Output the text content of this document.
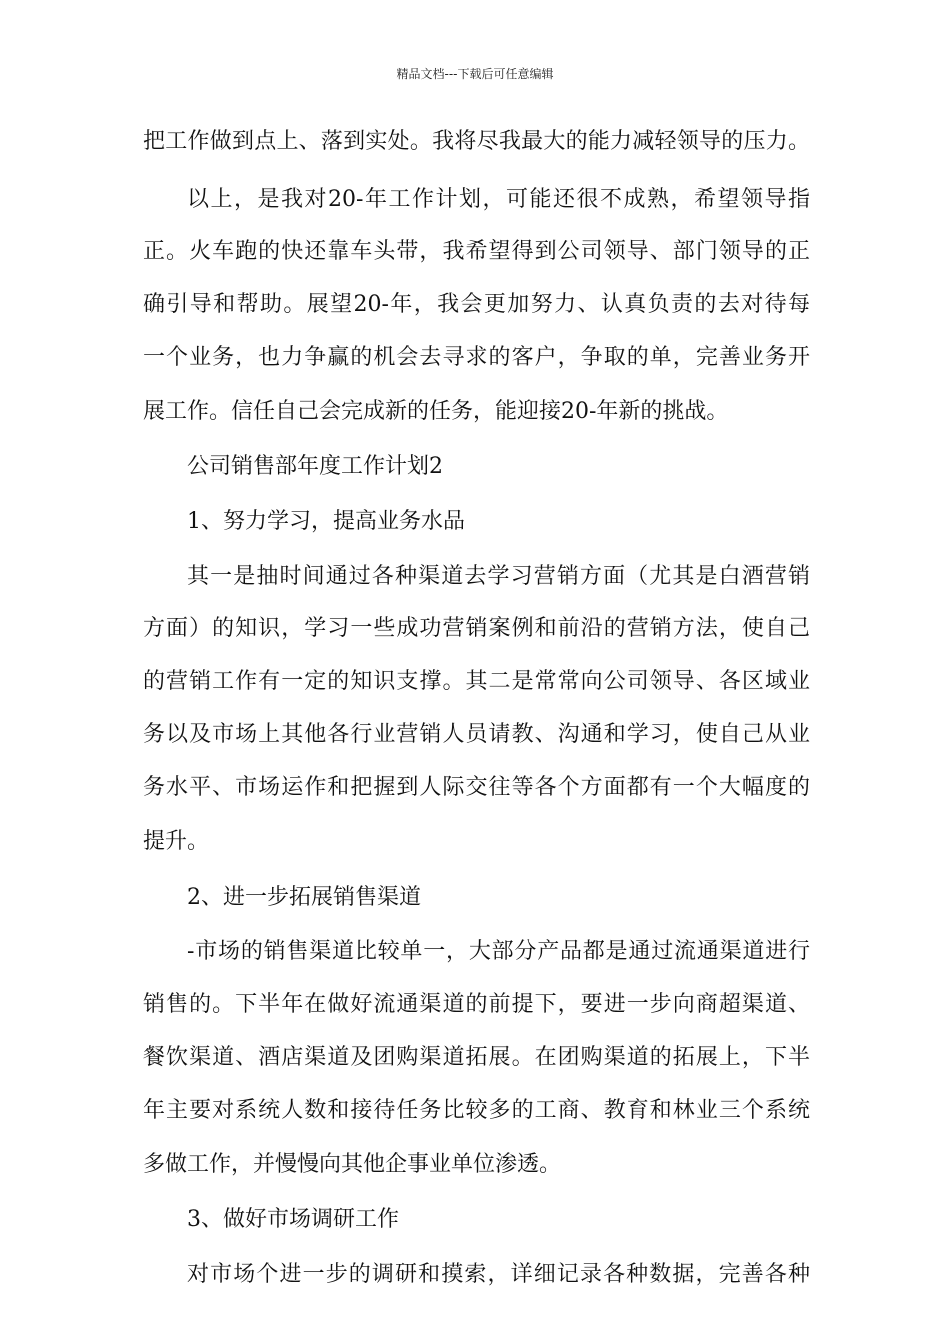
精品文档---下载后可任意编辑
把工作做到点上、落到实处。我将尽我最大的能力减轻领导的压力。
以上，是我对20-年工作计划，可能还很不成熟，希望领导指
正。火车跑的快还靠车头带，我希望得到公司领导、部门领导的正
确引导和帮助。展望20-年，我会更加努力、认真负责的去对待每
一个业务，也力争赢的机会去寻求的客户，争取的单，完善业务开
展工作。信任自己会完成新的任务，能迎接20-年新的挑战。
公司销售部年度工作计划2
1、努力学习，提高业务水品
其一是抽时间通过各种渠道去学习营销方面（尤其是白酒营销
方面）的知识，学习一些成功营销案例和前沿的营销方法，使自己
的营销工作有一定的知识支撑。其二是常常向公司领导、各区域业
务以及市场上其他各行业营销人员请教、沟通和学习，使自己从业
务水平、市场运作和把握到人际交往等各个方面都有一个大幅度的
提升。
2、进一步拓展销售渠道
-市场的销售渠道比较单一，大部分产品都是通过流通渠道进行
销售的。下半年在做好流通渠道的前提下，要进一步向商超渠道、
餐饮渠道、酒店渠道及团购渠道拓展。在团购渠道的拓展上，下半
年主要对系统人数和接待任务比较多的工商、教育和林业三个系统
多做工作，并慢慢向其他企事业单位渗透。
3、做好市场调研工作
对市场个进一步的调研和摸索，详细记录各种数据，完善各种
